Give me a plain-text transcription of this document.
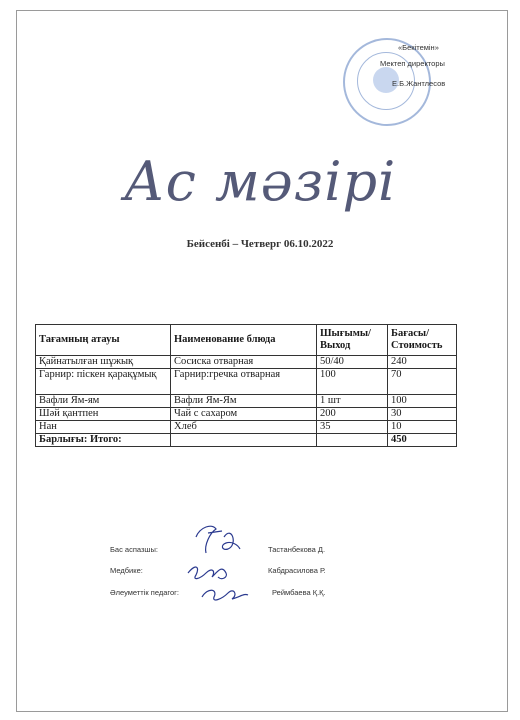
«Бекітемін»
Мектеп директоры
Е.Б.Жантлесов
Ас мәзірі
Бейсенбі – Четверг 06.10.2022
Тағамның атауы	Наименование блюда	Шығымы/ Выход	Бағасы/ Стоимость
Қайнатылған шұжық	Сосиска отварная	50/40	240
Гарнир: піскен қарақұмық	Гарнир:гречка отварная	100	70
Вафли Ям-ям	Вафли Ям-Ям	1 шт	100
Шәй қантпен	Чай с сахаром	200	30
Нан	Хлеб	35	10
Барлығы: Итого:			450
Бас аспазшы:	Тастанбекова Д.
Медбике:	Кабдрасилова Р.
Әлеуметтік педагог:	Реймбаева Қ.Қ.
